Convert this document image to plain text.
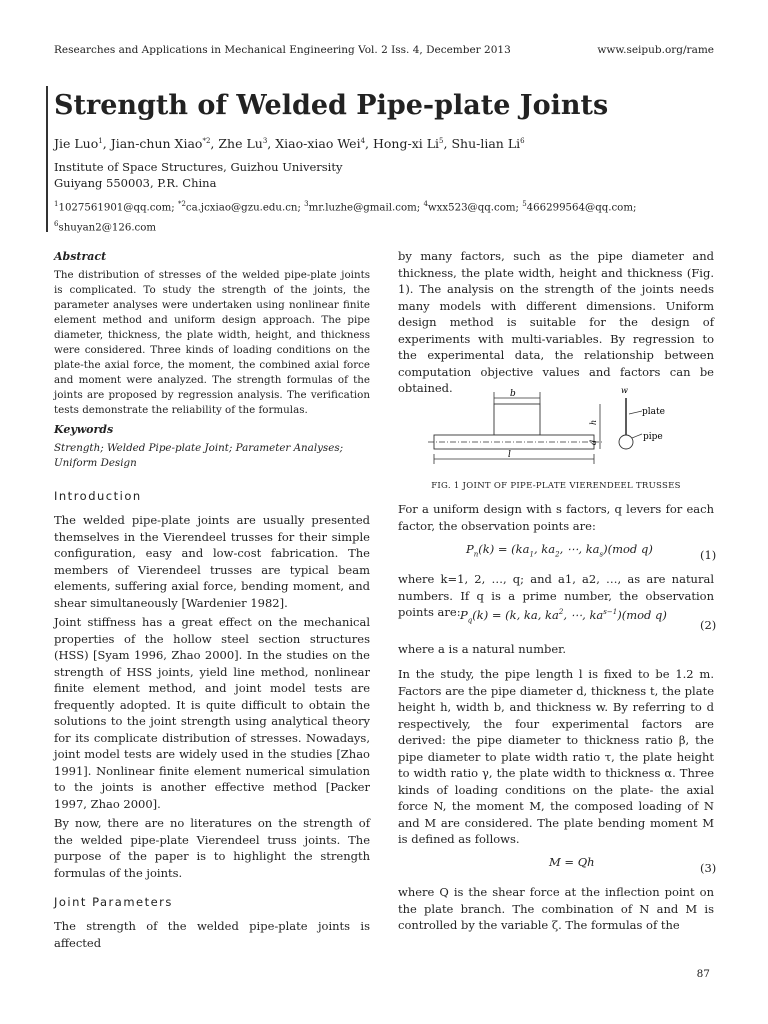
Researches and Applications in Mechanical Engineering Vol. 2 Iss. 4, December 2013	www.seipub.org/rame
Strength of Welded Pipe-plate Joints
Jie Luo$^1$, Jian-chun Xiao$^{*2}$, Zhe Lu$^3$, Xiao-xiao Wei$^4$, Hong-xi Li$^5$, Shu-lian Li$^6$
Institute of Space Structures, Guizhou University
Guiyang 550003, P.R. China
$^1$1027561901@qq.com; $^{*2}$ca.jcxiao@gzu.edu.cn; $^3$mr.luzhe@gmail.com; $^4$wxx523@qq.com; $^5$466299564@qq.com; $^6$shuyan2@126.com
Abstract
The distribution of stresses of the welded pipe-plate joints is complicated. To study the strength of the joints, the parameter analyses were undertaken using nonlinear finite element method and uniform design approach. The pipe diameter, thickness, the plate width, height, and thickness were considered. Three kinds of loading conditions on the plate-the axial force, the moment, the combined axial force and moment were analyzed. The strength formulas of the joints are proposed by regression analysis. The verification tests demonstrate the reliability of the formulas.
Keywords
Strength; Welded Pipe-plate Joint; Parameter Analyses; Uniform Design
Introduction
The welded pipe-plate joints are usually presented themselves in the Vierendeel trusses for their simple configuration, easy and low-cost fabrication. The members of Vierendeel trusses are typical beam elements, suffering axial force, bending moment, and shear simultaneously [Wardenier 1982].
Joint stiffness has a great effect on the mechanical properties of the hollow steel section structures (HSS) [Syam 1996, Zhao 2000]. In the studies on the strength of HSS joints, yield line method, nonlinear finite element method, and joint model tests are frequently adopted. It is quite difficult to obtain the solutions to the joint strength using analytical theory for its complicate distribution of stresses. Nowadays, joint model tests are widely used in the studies [Zhao 1991]. Nonlinear finite element numerical simulation to the joints is another effective method [Packer 1997, Zhao 2000].
By now, there are no literatures on the strength of the welded pipe-plate Vierendeel truss joints. The purpose of the paper is to highlight the strength formulas of the joints.
Joint Parameters
The strength of the welded pipe-plate joints is affected
by many factors, such as the pipe diameter and thickness, the plate width, height and thickness (Fig. 1). The analysis on the strength of the joints needs many models with different dimensions. Uniform design method is suitable for the design of experiments with multi-variables. By regression to the experimental data, the relationship between computation objective values and factors can be obtained.	b
h
d
l
w
plate
pipe
FIG. 1 JOINT OF PIPE-PLATE VIERENDEEL TRUSSES
For a uniform design with s factors, q levers for each factor, the observation points are:
$P_n(k) = (ka_1$, $ka_2$, ⋯, $ka_s)(mod$ q)	(1)
where k=1, 2, …, q; and a1, a2, …, as are natural numbers. If q is a prime number, the observation points are: $P_q(k) = (k$, ka, $ka^2$, ⋯, $ka^{s-1})(mod$ q)
(2)
where a is a natural number.
In the study, the pipe length l is fixed to be 1.2 m. Factors are the pipe diameter d, thickness t, the plate height h, width b, and thickness w. By referring to d respectively, the four experimental factors are derived: the pipe diameter to thickness ratio β, the pipe diameter to plate width ratio τ, the plate height to width ratio γ, the plate width to thickness α. Three kinds of loading conditions on the plate- the axial force N, the moment M, the composed loading of N and M are considered. The plate bending moment M is defined as follows.
M = Qh	(3)
where Q is the shear force at the inflection point on the plate branch. The combination of N and M is controlled by the variable ζ. The formulas of the
87
